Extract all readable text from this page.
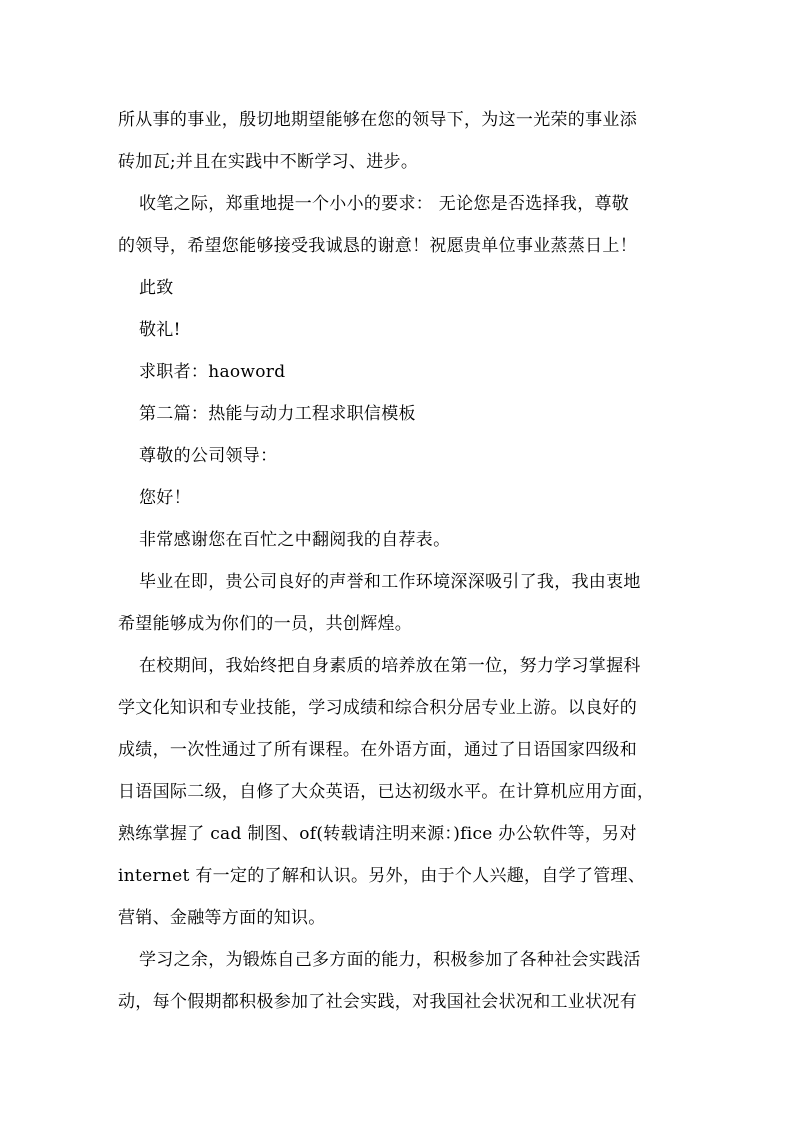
所从事的事业，殷切地期望能够在您的领导下，为这一光荣的事业添
砖加瓦;并且在实践中不断学习、进步。
收笔之际，郑重地提一个小小的要求： 无论您是否选择我，尊敬
的领导，希望您能够接受我诚恳的谢意！祝愿贵单位事业蒸蒸日上！
此致
敬礼!
求职者：haoword
第二篇：热能与动力工程求职信模板
尊敬的公司领导：
您好！
非常感谢您在百忙之中翻阅我的自荐表。
毕业在即，贵公司良好的声誉和工作环境深深吸引了我，我由衷地
希望能够成为你们的一员，共创辉煌。
在校期间，我始终把自身素质的培养放在第一位，努力学习掌握科
学文化知识和专业技能，学习成绩和综合积分居专业上游。以良好的
成绩，一次性通过了所有课程。在外语方面，通过了日语国家四级和
日语国际二级，自修了大众英语，已达初级水平。在计算机应用方面，
熟练掌握了 cad 制图、of(转载请注明来源：)fice 办公软件等，另对
internet 有一定的了解和认识。另外，由于个人兴趣，自学了管理、
营销、金融等方面的知识。
学习之余，为锻炼自己多方面的能力，积极参加了各种社会实践活
动，每个假期都积极参加了社会实践，对我国社会状况和工业状况有
